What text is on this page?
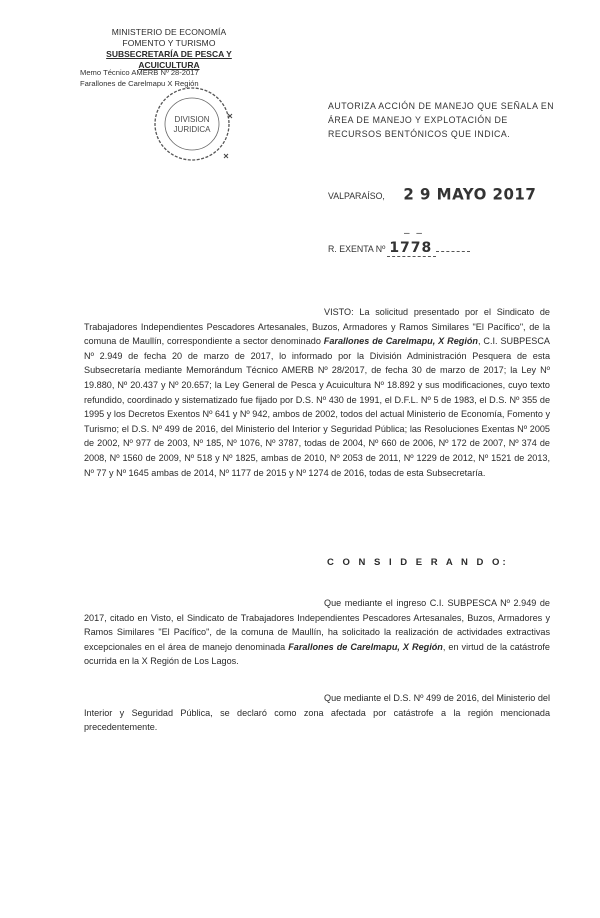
MINISTERIO DE ECONOMÍA
FOMENTO Y TURISMO
SUBSECRETARÍA DE PESCA Y ACUICULTURA
Memo Técnico AMERB Nº 28-2017
Farallones de Carelmapu X Región
DIVISION
JURIDICA
AUTORIZA ACCIÓN DE MANEJO QUE SEÑALA EN ÁREA DE MANEJO Y EXPLOTACIÓN DE RECURSOS BENTÓNICOS QUE INDICA.
VALPARAÍSO, 2 9 MAYO 2017
– –
R. EXENTA Nº 1778
VISTO: La solicitud presentado por el Sindicato de Trabajadores Independientes Pescadores Artesanales, Buzos, Armadores y Ramos Similares "El Pacífico", de la comuna de Maullín, correspondiente a sector denominado Farallones de Carelmapu, X Región, C.I. SUBPESCA Nº 2.949 de fecha 20 de marzo de 2017, lo informado por la División Administración Pesquera de esta Subsecretaría mediante Memorándum Técnico AMERB Nº 28/2017, de fecha 30 de marzo de 2017; la Ley Nº 19.880, Nº 20.437 y Nº 20.657; la Ley General de Pesca y Acuicultura Nº 18.892 y sus modificaciones, cuyo texto refundido, coordinado y sistematizado fue fijado por D.S. Nº 430 de 1991, el D.F.L. Nº 5 de 1983, el D.S. Nº 355 de 1995 y los Decretos Exentos Nº 641 y Nº 942, ambos de 2002, todos del actual Ministerio de Economía, Fomento y Turismo; el D.S. Nº 499 de 2016, del Ministerio del Interior y Seguridad Pública; las Resoluciones Exentas Nº 2005 de 2002, Nº 977 de 2003, Nº 185, Nº 1076, Nº 3787, todas de 2004, Nº 660 de 2006, Nº 172 de 2007, Nº 374 de 2008, Nº 1560 de 2009, Nº 518 y Nº 1825, ambas de 2010, Nº 2053 de 2011, Nº 1229 de 2012, Nº 1521 de 2013, Nº 77 y Nº 1645 ambas de 2014, Nº 1177 de 2015 y Nº 1274 de 2016, todas de esta Subsecretaría.
C O N S I D E R A N D O:
Que mediante el ingreso C.I. SUBPESCA Nº 2.949 de 2017, citado en Visto, el Sindicato de Trabajadores Independientes Pescadores Artesanales, Buzos, Armadores y Ramos Similares "El Pacífico", de la comuna de Maullín, ha solicitado la realización de actividades extractivas excepcionales en el área de manejo denominada Farallones de Carelmapu, X Región, en virtud de la catástrofe ocurrida en la X Región de Los Lagos.
Que mediante el D.S. Nº 499 de 2016, del Ministerio del Interior y Seguridad Pública, se declaró como zona afectada por catástrofe a la región mencionada precedentemente.
